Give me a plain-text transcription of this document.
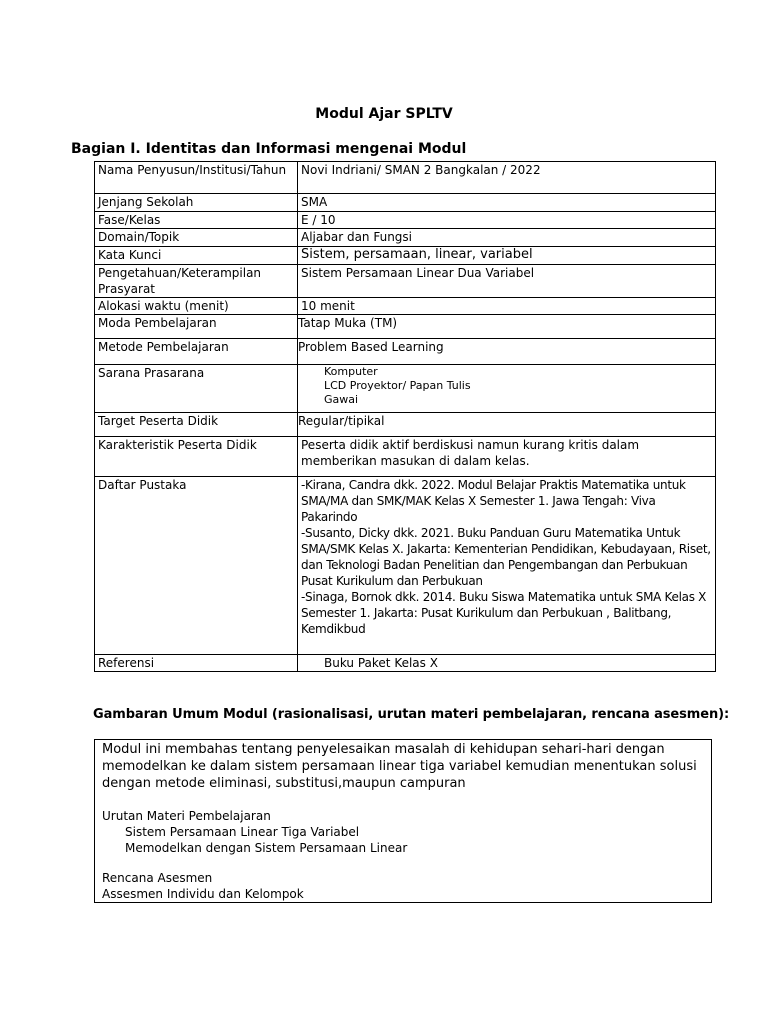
Modul Ajar SPLTV
Bagian I. Identitas dan Informasi mengenai Modul
Nama Penyusun/Institusi/Tahun	Novi Indriani/ SMAN 2 Bangkalan / 2022
Jenjang Sekolah	SMA
Fase/Kelas	E / 10
Domain/Topik	Aljabar dan Fungsi
Kata Kunci	Sistem, persamaan, linear, variabel
Pengetahuan/Keterampilan Prasyarat	Sistem Persamaan Linear Dua Variabel
Alokasi waktu (menit)	10 menit
Moda Pembelajaran	Tatap Muka (TM)
Metode Pembelajaran	Problem Based Learning
Sarana Prasarana	Komputer
LCD Proyektor/ Papan Tulis
Gawai

Target Peserta Didik	Regular/tipikal
Karakteristik Peserta Didik	Peserta didik aktif berdiskusi namun kurang kritis dalam memberikan masukan di dalam kelas.
Daftar Pustaka	-Kirana, Candra dkk. 2022. Modul Belajar Praktis Matematika untuk SMA/MA dan SMK/MAK Kelas X Semester 1. Jawa Tengah: Viva Pakarindo
-Susanto, Dicky dkk. 2021. Buku Panduan Guru Matematika Untuk SMA/SMK Kelas X. Jakarta: Kementerian Pendidikan, Kebudayaan, Riset, dan Teknologi Badan Penelitian dan Pengembangan dan Perbukuan Pusat Kurikulum dan Perbukuan
-Sinaga, Bornok dkk. 2014. Buku Siswa Matematika untuk SMA Kelas X Semester 1. Jakarta: Pusat Kurikulum dan Perbukuan , Balitbang, Kemdikbud

Referensi	Buku Paket Kelas X
Gambaran Umum Modul (rasionalisasi, urutan materi pembelajaran, rencana asesmen):

Modul ini membahas tentang penyelesaikan masalah di kehidupan sehari-hari dengan memodelkan ke dalam sistem persamaan linear tiga variabel kemudian menentukan solusi dengan metode eliminasi, substitusi,maupun campuran

Urutan Materi Pembelajaran
Sistem Persamaan Linear Tiga Variabel
Memodelkan dengan Sistem Persamaan Linear
Rencana Asesmen
Assesmen Individu dan Kelompok
